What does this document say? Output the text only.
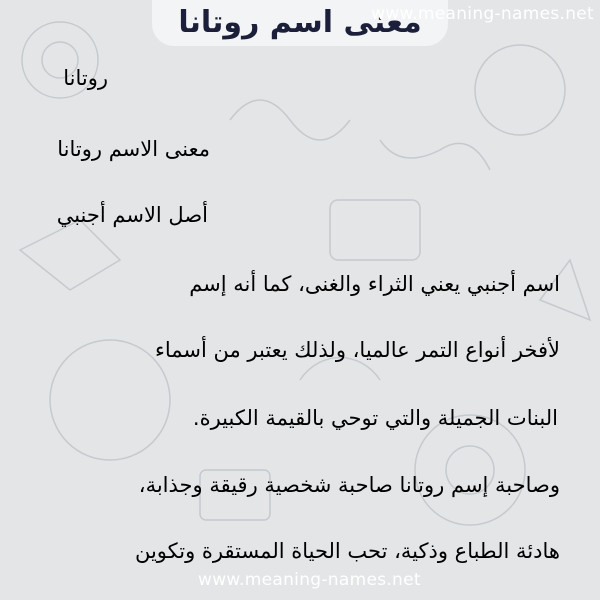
معنى اسم روتانا
www.meaning-names.net
روتانا
معنى الاسم روتانا
أصل الاسم أجنبي
اسم أجنبي يعني الثراء والغنى، كما أنه إسم
لأفخر أنواع التمر عالميا، ولذلك يعتبر من أسماء
البنات الجميلة والتي توحي بالقيمة الكبيرة.
وصاحبة إسم روتانا صاحبة شخصية رقيقة وجذابة،
هادئة الطباع وذكية، تحب الحياة المستقرة وتكوين
www.meaning-names.net
